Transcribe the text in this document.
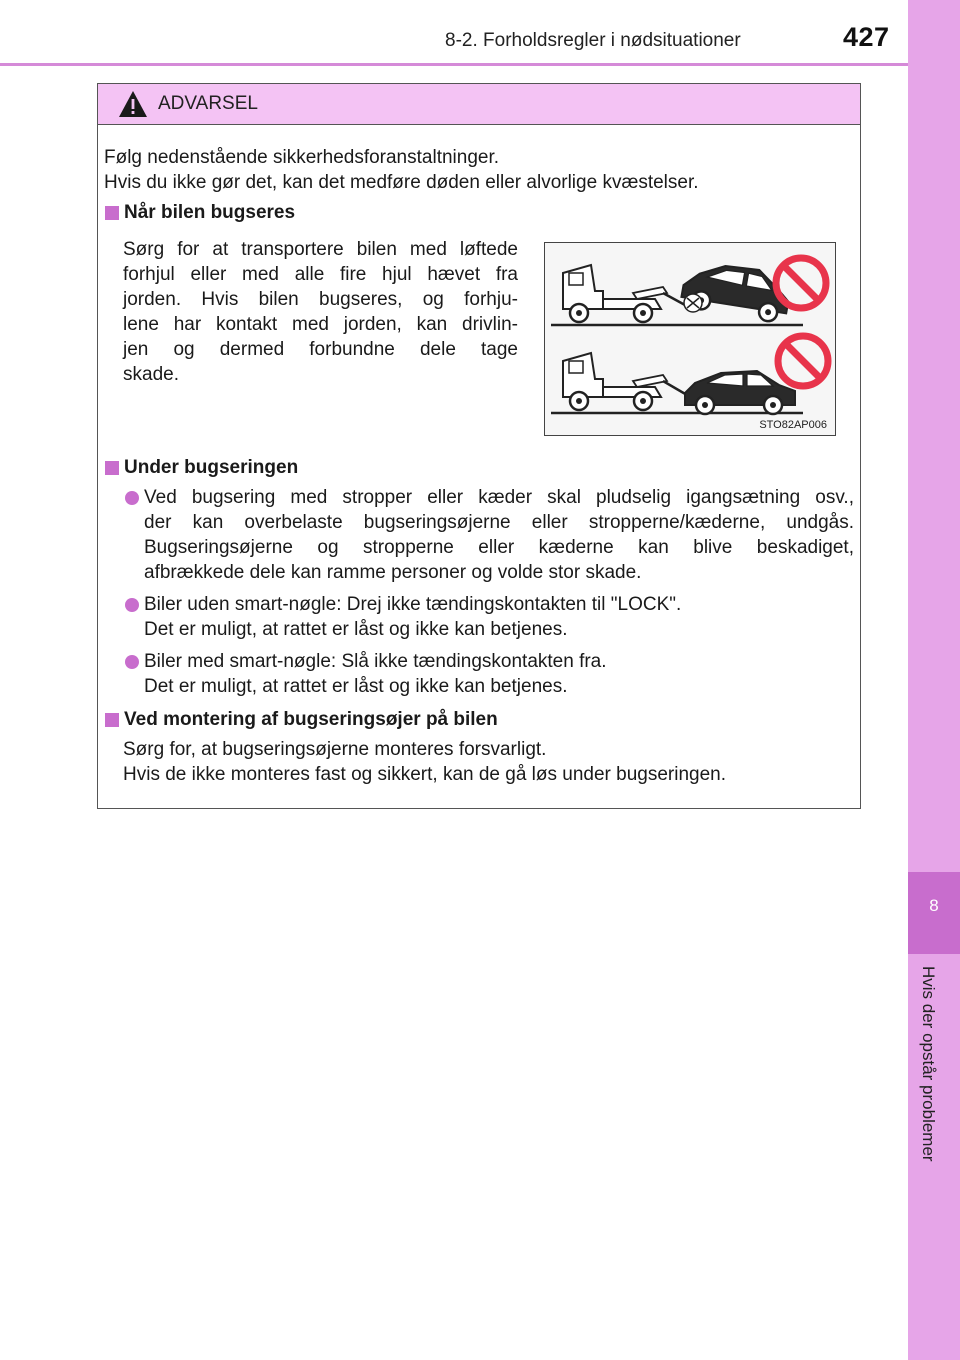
8-2. Forholdsregler i nødsituationer	427
8
Hvis der opstår problemer
ADVARSEL
Følg nedenstående sikkerhedsforanstaltninger.
Hvis du ikke gør det, kan det medføre døden eller alvorlige kvæstelser.
Når bilen bugseres
Sørg for at transportere bilen med løftede
forhjul eller med alle fire hjul hævet fra
jorden. Hvis bilen bugseres, og forhju-
lene har kontakt med jorden, kan drivlin-
jen og dermed forbundne dele tage
skade.
STO82AP006
Under bugseringen
Ved bugsering med stropper eller kæder skal pludselig igangsætning osv.,
der kan overbelaste bugseringsøjerne eller stropperne/kæderne, undgås.
Bugseringsøjerne og stropperne eller kæderne kan blive beskadiget,
afbrækkede dele kan ramme personer og volde stor skade.
Biler uden smart-nøgle: Drej ikke tændingskontakten til "LOCK".
Det er muligt, at rattet er låst og ikke kan betjenes.
Biler med smart-nøgle: Slå ikke tændingskontakten fra.
Det er muligt, at rattet er låst og ikke kan betjenes.
Ved montering af bugseringsøjer på bilen
Sørg for, at bugseringsøjerne monteres forsvarligt.
Hvis de ikke monteres fast og sikkert, kan de gå løs under bugseringen.
